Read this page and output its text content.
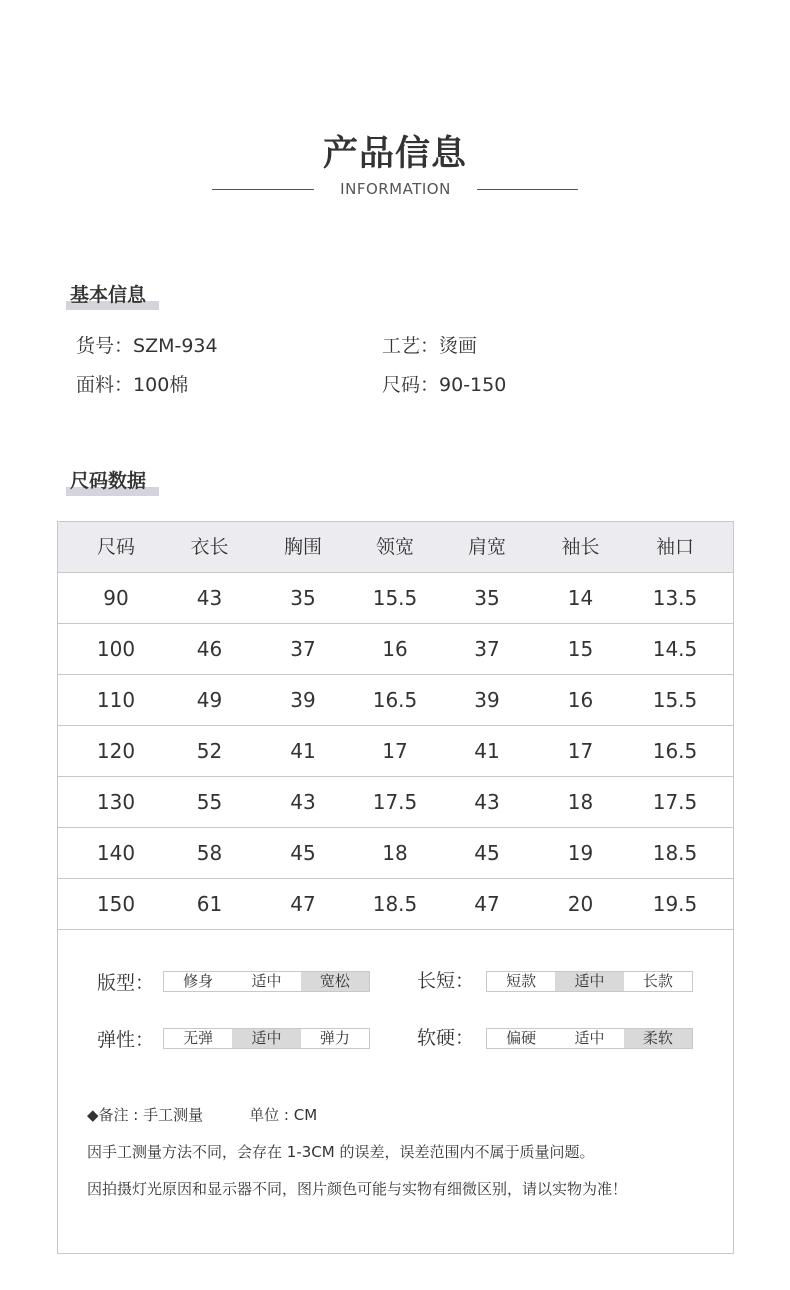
产品信息
INFORMATION
基本信息
货号：SZM-934	工艺：烫画
面料：100棉	尺码：90-150
尺码数据
尺码	衣长	胸围	领宽	肩宽	袖长	袖口
90	43	35	15.5	35	14	13.5
100	46	37	16	37	15	14.5
110	49	39	16.5	39	16	15.5
120	52	41	17	41	17	16.5
130	55	43	17.5	43	18	17.5
140	58	45	18	45	19	18.5
150	61	47	18.5	47	20	19.5
版型：	修身	适中	宽松	长短：	短款	适中	长款
弹性：	无弹	适中	弹力	软硬：	偏硬	适中	柔软
◆备注 : 手工测量	单位 : CM
因手工测量方法不同，会存在 1-3CM 的误差，误差范围内不属于质量问题。
因拍摄灯光原因和显示器不同，图片颜色可能与实物有细微区别，请以实物为准！
